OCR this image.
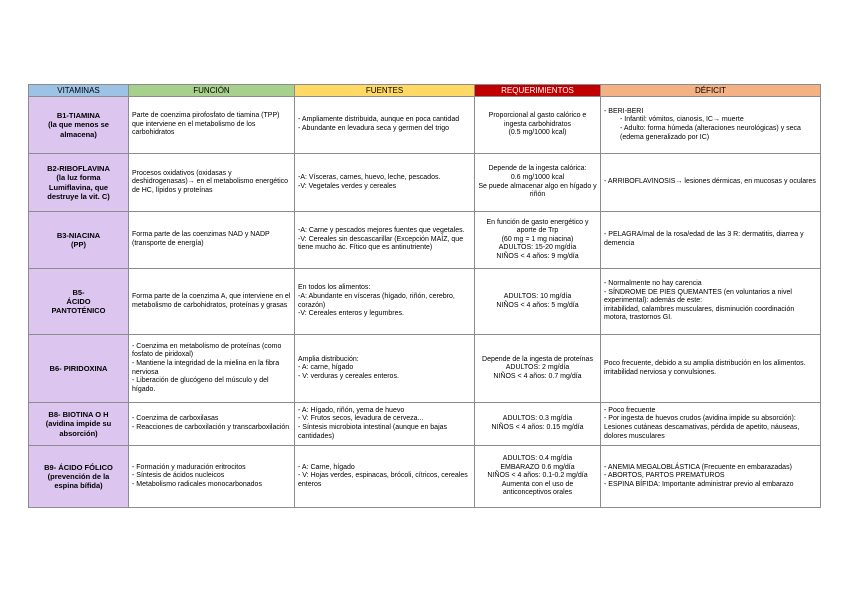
VITAMINAS	FUNCIÓN	FUENTES	REQUERIMIENTOS	DÉFICIT

B1-TIAMINA
(la que menos se
almacena)	Parte de coenzima pirofosfato de tiamina (TPP) que interviene en el metabolismo de los carbohidratos	- Ampliamente distribuida, aunque en poca cantidad
- Abundante en levadura seca y germen del trigo	Proporcional al gasto calórico e ingesta carbohidratos
(0.5 mg/1000 kcal)	- BERI-BERI
- Infantil: vómitos, cianosis, IC→ muerte
- Adulto: forma húmeda (alteraciones neurológicas) y seca (edema generalizado por IC)

B2-RIBOFLAVINA
(la luz forma
Lumiflavina, que
destruye la vit. C)	Procesos oxidativos (oxidasas y deshidrogenasas)→ en el metabolismo energético de HC, lípidos y proteínas	-A: Vísceras, carnes, huevo, leche, pescados.
-V: Vegetales verdes y cereales	Depende de la ingesta calórica:
0.6 mg/1000 kcal
Se puede almacenar algo en hígado y riñón	- ARRIBOFLAVINOSIS→ lesiones dérmicas, en mucosas y oculares

B3-NIACINA
(PP)	Forma parte de las coenzimas NAD y NADP (transporte de energía)	-A: Carne y pescados mejores fuentes que vegetales.
-V: Cereales sin descascarillar (Excepción MAÍZ, que tiene mucho ác. Fítico que es antinutriente)	En función de gasto energético y aporte de Trp
(60 mg = 1 mg niacina)
ADULTOS: 15-20 mg/día
NIÑOS < 4 años: 9 mg/día	- PELAGRA/mal de la rosa/edad de las 3 R: dermatitis, diarrea y demencia

B5-
ÁCIDO
PANTOTÉNICO	Forma parte de la coenzima A, que interviene en el metabolismo de carbohidratos, proteínas y grasas	En todos los alimentos:
-A: Abundante en vísceras (hígado, riñón, cerebro, corazón)
-V: Cereales enteros y legumbres.	ADULTOS: 10 mg/día
NIÑOS < 4 años: 5 mg/día	- Normalmente no hay carencia
- SÍNDROME DE PIES QUEMANTES (en voluntarios a nivel experimental): además de este:
irritabilidad, calambres musculares, disminución coordinación motora, trastornos GI.

B6- PIRIDOXINA	- Coenzima en metabolismo de proteínas (como fosfato de piridoxal)
- Mantiene la integridad de la mielina en la fibra nerviosa
- Liberación de glucógeno del músculo y del hígado.	Amplia distribución:
- A: carne, hígado
- V: verduras y cereales enteros.	Depende de la ingesta de proteínas
ADULTOS: 2 mg/día
NIÑOS < 4 años: 0.7 mg/día	Poco frecuente, debido a su amplia distribución en los alimentos.
irritabilidad nerviosa y convulsiones.

B8- BIOTINA O H
(avidina impide su
absorción)	- Coenzima de carboxilasas
- Reacciones de carboxilación y transcarboxilación	- A: Hígado, riñón, yema de huevo
- V: Frutos secos, levadura de cerveza...
- Síntesis microbiota intestinal (aunque en bajas cantidades)	ADULTOS: 0.3 mg/día
NIÑOS < 4 años: 0.15 mg/día	- Poco frecuente
- Por ingesta de huevos crudos (avidina impide su absorción): Lesiones cutáneas descamativas, pérdida de apetito, náuseas, dolores musculares

B9- ÁCIDO FÓLICO
(prevención de la
espina bífida)	- Formación y maduración eritrocitos
- Síntesis de ácidos nucleicos
- Metabolismo radicales monocarbonados	- A: Carne, hígado
- V: Hojas verdes, espinacas, brócoli, cítricos, cereales enteros	ADULTOS: 0.4 mg/día
EMBARAZO 0.6 mg/día
NIÑOS < 4 años: 0.1-0.2 mg/día
Aumenta con el uso de anticonceptivos orales	- ANEMIA MEGALOBLÁSTICA (Frecuente en embarazadas)
- ABORTOS, PARTOS PREMATUROS
- ESPINA BÍFIDA: Importante administrar previo al embarazo
